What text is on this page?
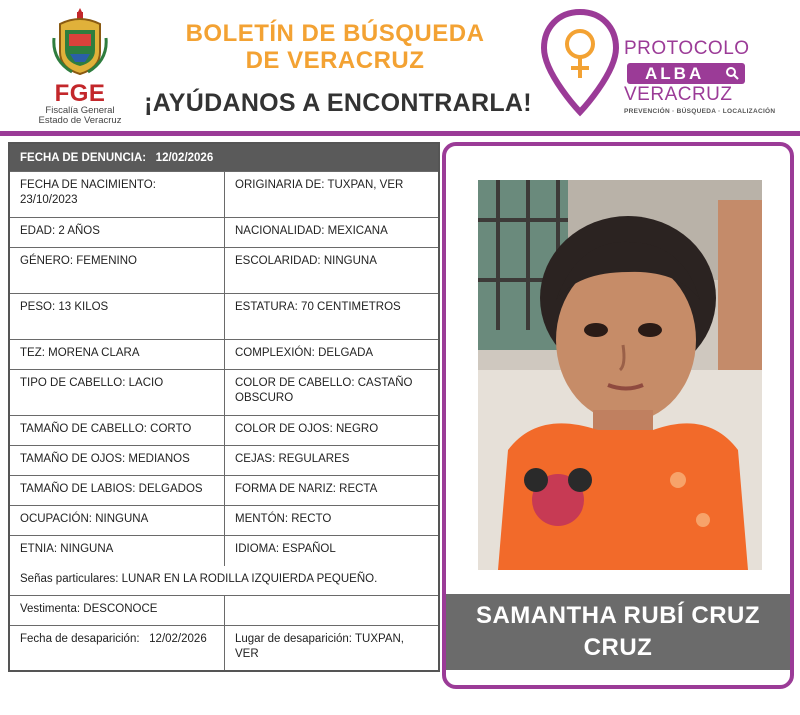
FGE
Fiscalía General
Estado de Veracruz
BOLETÍN DE BÚSQUEDA
DE VERACRUZ
¡AYÚDANOS A ENCONTRARLA!
PROTOCOLO
ALBA
VERACRUZ
PREVENCIÓN · BÚSQUEDA · LOCALIZACIÓN
FECHA DE DENUNCIA: 12/02/2026
FECHA DE NACIMIENTO: 23/10/2023
ORIGINARIA DE: TUXPAN, VER
EDAD: 2 AÑOS	NACIONALIDAD: MEXICANA
GÉNERO: FEMENINO	ESCOLARIDAD: NINGUNA
PESO: 13 KILOS	ESTATURA: 70 CENTIMETROS
TEZ: MORENA CLARA	COMPLEXIÓN: DELGADA
TIPO DE CABELLO: LACIO	COLOR DE CABELLO: CASTAÑO OBSCURO
TAMAÑO DE CABELLO: CORTO	COLOR DE OJOS: NEGRO
TAMAÑO DE OJOS: MEDIANOS	CEJAS: REGULARES
TAMAÑO DE LABIOS: DELGADOS	FORMA DE NARIZ: RECTA
OCUPACIÓN: NINGUNA	MENTÓN: RECTO
ETNIA: NINGUNA	IDIOMA: ESPAÑOL
Señas particulares: LUNAR EN LA RODILLA IZQUIERDA PEQUEÑO.
Vestimenta: DESCONOCE
Fecha de desaparición: 12/02/2026	Lugar de desaparición: TUXPAN, VER
SAMANTHA RUBÍ CRUZ
CRUZ
